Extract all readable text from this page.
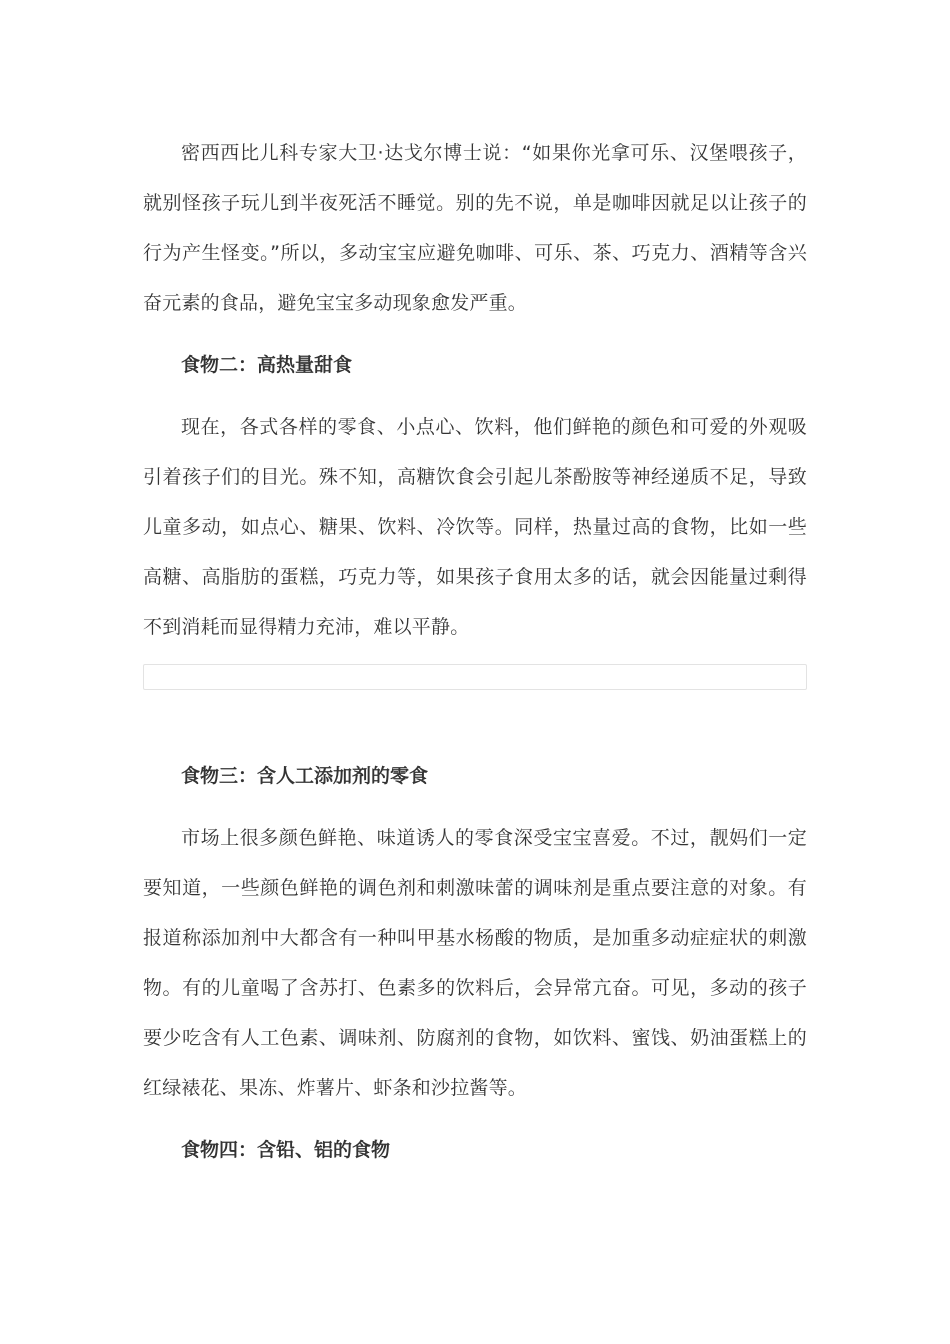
密西西比儿科专家大卫·达戈尔博士说：“如果你光拿可乐、汉堡喂孩子，就别怪孩子玩儿到半夜死活不睡觉。别的先不说，单是咖啡因就足以让孩子的行为产生怪变。”所以，多动宝宝应避免咖啡、可乐、茶、巧克力、酒精等含兴奋元素的食品，避免宝宝多动现象愈发严重。

食物二：高热量甜食

现在，各式各样的零食、小点心、饮料，他们鲜艳的颜色和可爱的外观吸引着孩子们的目光。殊不知，高糖饮食会引起儿茶酚胺等神经递质不足，导致儿童多动，如点心、糖果、饮料、冷饮等。同样，热量过高的食物，比如一些高糖、高脂肪的蛋糕，巧克力等，如果孩子食用太多的话，就会因能量过剩得不到消耗而显得精力充沛，难以平静。

食物三：含人工添加剂的零食

市场上很多颜色鲜艳、味道诱人的零食深受宝宝喜爱。不过，靓妈们一定要知道，一些颜色鲜艳的调色剂和刺激味蕾的调味剂是重点要注意的对象。有报道称添加剂中大都含有一种叫甲基水杨酸的物质，是加重多动症症状的刺激物。有的儿童喝了含苏打、色素多的饮料后，会异常亢奋。可见，多动的孩子要少吃含有人工色素、调味剂、防腐剂的食物，如饮料、蜜饯、奶油蛋糕上的红绿裱花、果冻、炸薯片、虾条和沙拉酱等。

食物四：含铅、铝的食物
